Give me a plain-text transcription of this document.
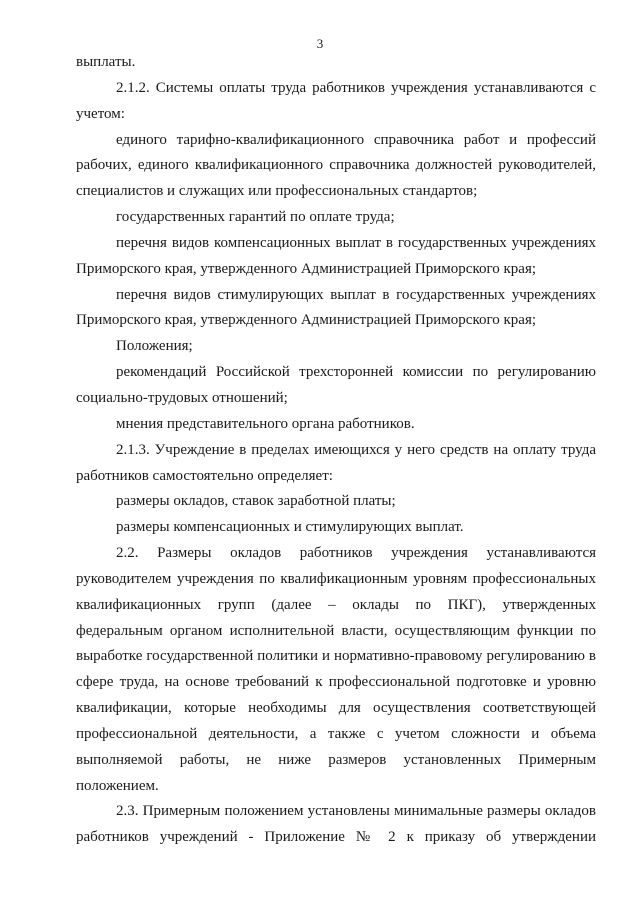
3

выплаты.

2.1.2. Системы оплаты труда работников учреждения устанавливаются с учетом:

единого тарифно-квалификационного справочника работ и профессий рабочих, единого квалификационного справочника должностей руководителей, специалистов и служащих или профессиональных стандартов;

государственных гарантий по оплате труда;

перечня видов компенсационных выплат в государственных учреждениях Приморского края, утвержденного Администрацией Приморского края;

перечня видов стимулирующих выплат в государственных учреждениях Приморского края, утвержденного Администрацией Приморского края;

Положения;

рекомендаций Российской трехсторонней комиссии по регулированию социально-трудовых отношений;

мнения представительного органа работников.

2.1.3. Учреждение в пределах имеющихся у него средств на оплату труда работников самостоятельно определяет:

размеры окладов, ставок заработной платы;

размеры компенсационных и стимулирующих выплат.

2.2. Размеры окладов работников учреждения устанавливаются руководителем учреждения по квалификационным уровням профессиональных квалификационных групп (далее – оклады по ПКГ), утвержденных федеральным органом исполнительной власти, осуществляющим функции по выработке государственной политики и нормативно-правовому регулированию в сфере труда, на основе требований к профессиональной подготовке и уровню квалификации, которые необходимы для осуществления соответствующей профессиональной деятельности, а также с учетом сложности и объема выполняемой работы, не ниже размеров установленных Примерным положением.

2.3. Примерным положением установлены минимальные размеры окладов работников учреждений - Приложение № 2 к приказу об утверждении
